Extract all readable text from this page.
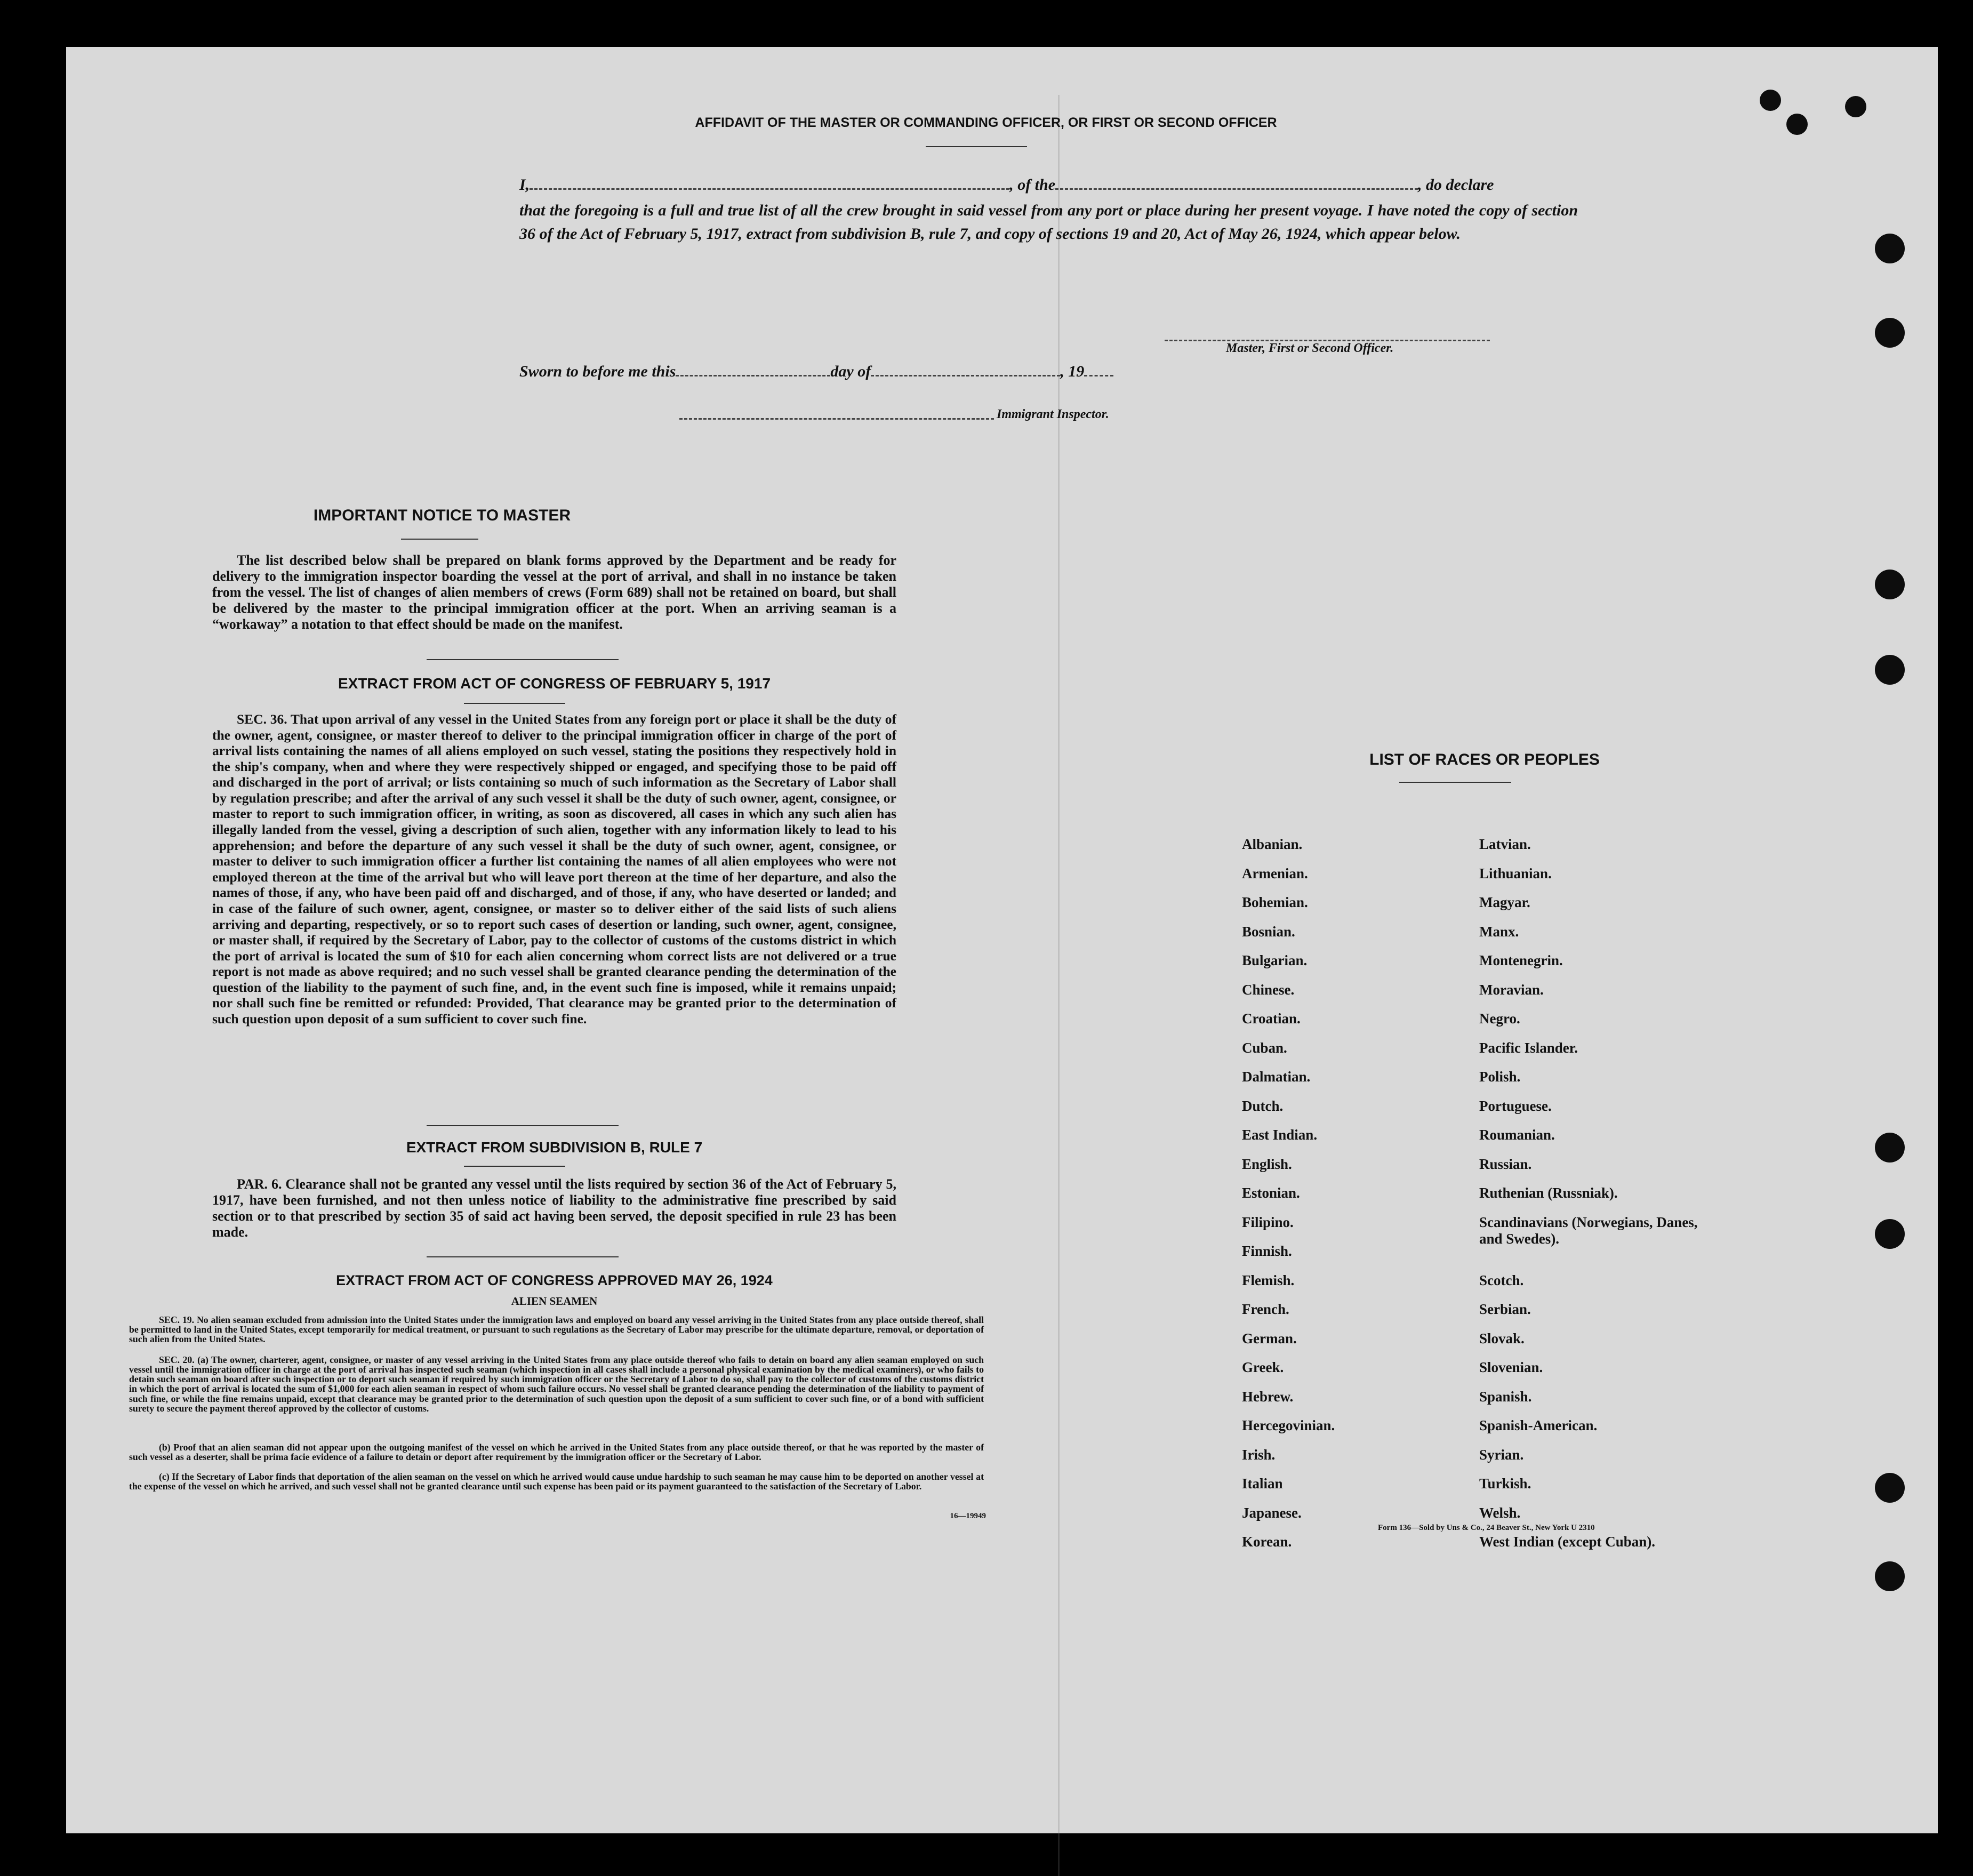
AFFIDAVIT OF THE MASTER OR COMMANDING OFFICER, OR FIRST OR SECOND OFFICER
I,	, of the	, do declare
that the foregoing is a full and true list of all the crew brought in said vessel from any port or place during her present voyage. I have noted the copy of section 36 of the Act of February 5, 1917, extract from subdivision B, rule 7, and copy of sections 19 and 20, Act of May 26, 1924, which appear below.
Master, First or Second Officer.
Sworn to before me this	day of	, 19
Immigrant Inspector.
IMPORTANT NOTICE TO MASTER
The list described below shall be prepared on blank forms approved by the Department and be ready for delivery to the immigration inspector boarding the vessel at the port of arrival, and shall in no instance be taken from the vessel. The list of changes of alien members of crews (Form 689) shall not be retained on board, but shall be delivered by the master to the principal immigration officer at the port. When an arriving seaman is a “workaway” a notation to that effect should be made on the manifest.
EXTRACT FROM ACT OF CONGRESS OF FEBRUARY 5, 1917
SEC. 36. That upon arrival of any vessel in the United States from any foreign port or place it shall be the duty of the owner, agent, consignee, or master thereof to deliver to the principal immigration officer in charge of the port of arrival lists containing the names of all aliens employed on such vessel, stating the positions they respectively hold in the ship's company, when and where they were respectively shipped or engaged, and specifying those to be paid off and discharged in the port of arrival; or lists containing so much of such information as the Secretary of Labor shall by regulation prescribe; and after the arrival of any such vessel it shall be the duty of such owner, agent, consignee, or master to report to such immigration officer, in writing, as soon as discovered, all cases in which any such alien has illegally landed from the vessel, giving a description of such alien, together with any information likely to lead to his apprehension; and before the departure of any such vessel it shall be the duty of such owner, agent, consignee, or master to deliver to such immigration officer a further list containing the names of all alien employees who were not employed thereon at the time of the arrival but who will leave port thereon at the time of her departure, and also the names of those, if any, who have been paid off and discharged, and of those, if any, who have deserted or landed; and in case of the failure of such owner, agent, consignee, or master so to deliver either of the said lists of such aliens arriving and departing, respectively, or so to report such cases of desertion or landing, such owner, agent, consignee, or master shall, if required by the Secretary of Labor, pay to the collector of customs of the customs district in which the port of arrival is located the sum of $10 for each alien concerning whom correct lists are not delivered or a true report is not made as above required; and no such vessel shall be granted clearance pending the determination of the question of the liability to the payment of such fine, and, in the event such fine is imposed, while it remains unpaid; nor shall such fine be remitted or refunded: Provided, That clearance may be granted prior to the determination of such question upon deposit of a sum sufficient to cover such fine.
EXTRACT FROM SUBDIVISION B, RULE 7
PAR. 6. Clearance shall not be granted any vessel until the lists required by section 36 of the Act of February 5, 1917, have been furnished, and not then unless notice of liability to the administrative fine prescribed by said section or to that prescribed by section 35 of said act having been served, the deposit specified in rule 23 has been made.
EXTRACT FROM ACT OF CONGRESS APPROVED MAY 26, 1924
ALIEN SEAMEN
SEC. 19. No alien seaman excluded from admission into the United States under the immigration laws and employed on board any vessel arriving in the United States from any place outside thereof, shall be permitted to land in the United States, except temporarily for medical treatment, or pursuant to such regulations as the Secretary of Labor may prescribe for the ultimate departure, removal, or deportation of such alien from the United States.
SEC. 20. (a) The owner, charterer, agent, consignee, or master of any vessel arriving in the United States from any place outside thereof who fails to detain on board any alien seaman employed on such vessel until the immigration officer in charge at the port of arrival has inspected such seaman (which inspection in all cases shall include a personal physical examination by the medical examiners), or who fails to detain such seaman on board after such inspection or to deport such seaman if required by such immigration officer or the Secretary of Labor to do so, shall pay to the collector of customs of the customs district in which the port of arrival is located the sum of $1,000 for each alien seaman in respect of whom such failure occurs. No vessel shall be granted clearance pending the determination of the liability to payment of such fine, or while the fine remains unpaid, except that clearance may be granted prior to the determination of such question upon the deposit of a sum sufficient to cover such fine, or of a bond with sufficient surety to secure the payment thereof approved by the collector of customs.
(b) Proof that an alien seaman did not appear upon the outgoing manifest of the vessel on which he arrived in the United States from any place outside thereof, or that he was reported by the master of such vessel as a deserter, shall be prima facie evidence of a failure to detain or deport after requirement by the immigration officer or the Secretary of Labor.
(c) If the Secretary of Labor finds that deportation of the alien seaman on the vessel on which he arrived would cause undue hardship to such seaman he may cause him to be deported on another vessel at the expense of the vessel on which he arrived, and such vessel shall not be granted clearance until such expense has been paid or its payment guaranteed to the satisfaction of the Secretary of Labor.
16—19949
LIST OF RACES OR PEOPLES
Albanian.	Latvian.
Armenian.	Lithuanian.
Bohemian.	Magyar.
Bosnian.	Manx.
Bulgarian.	Montenegrin.
Chinese.	Moravian.
Croatian.	Negro.
Cuban.	Pacific Islander.
Dalmatian.	Polish.
Dutch.	Portuguese.
East Indian.	Roumanian.
English.	Russian.
Estonian.	Ruthenian (Russniak).
Filipino.	Scandinavians (Norwegians, Danes, and Swedes).
Finnish.
Flemish.	Scotch.
French.	Serbian.
German.	Slovak.
Greek.	Slovenian.
Hebrew.	Spanish.
Hercegovinian.	Spanish-American.
Irish.	Syrian.
Italian	Turkish.
Japanese.	Welsh.
Korean.	West Indian (except Cuban).
Form 136—Sold by Uns & Co., 24 Beaver St., New York U 2310
